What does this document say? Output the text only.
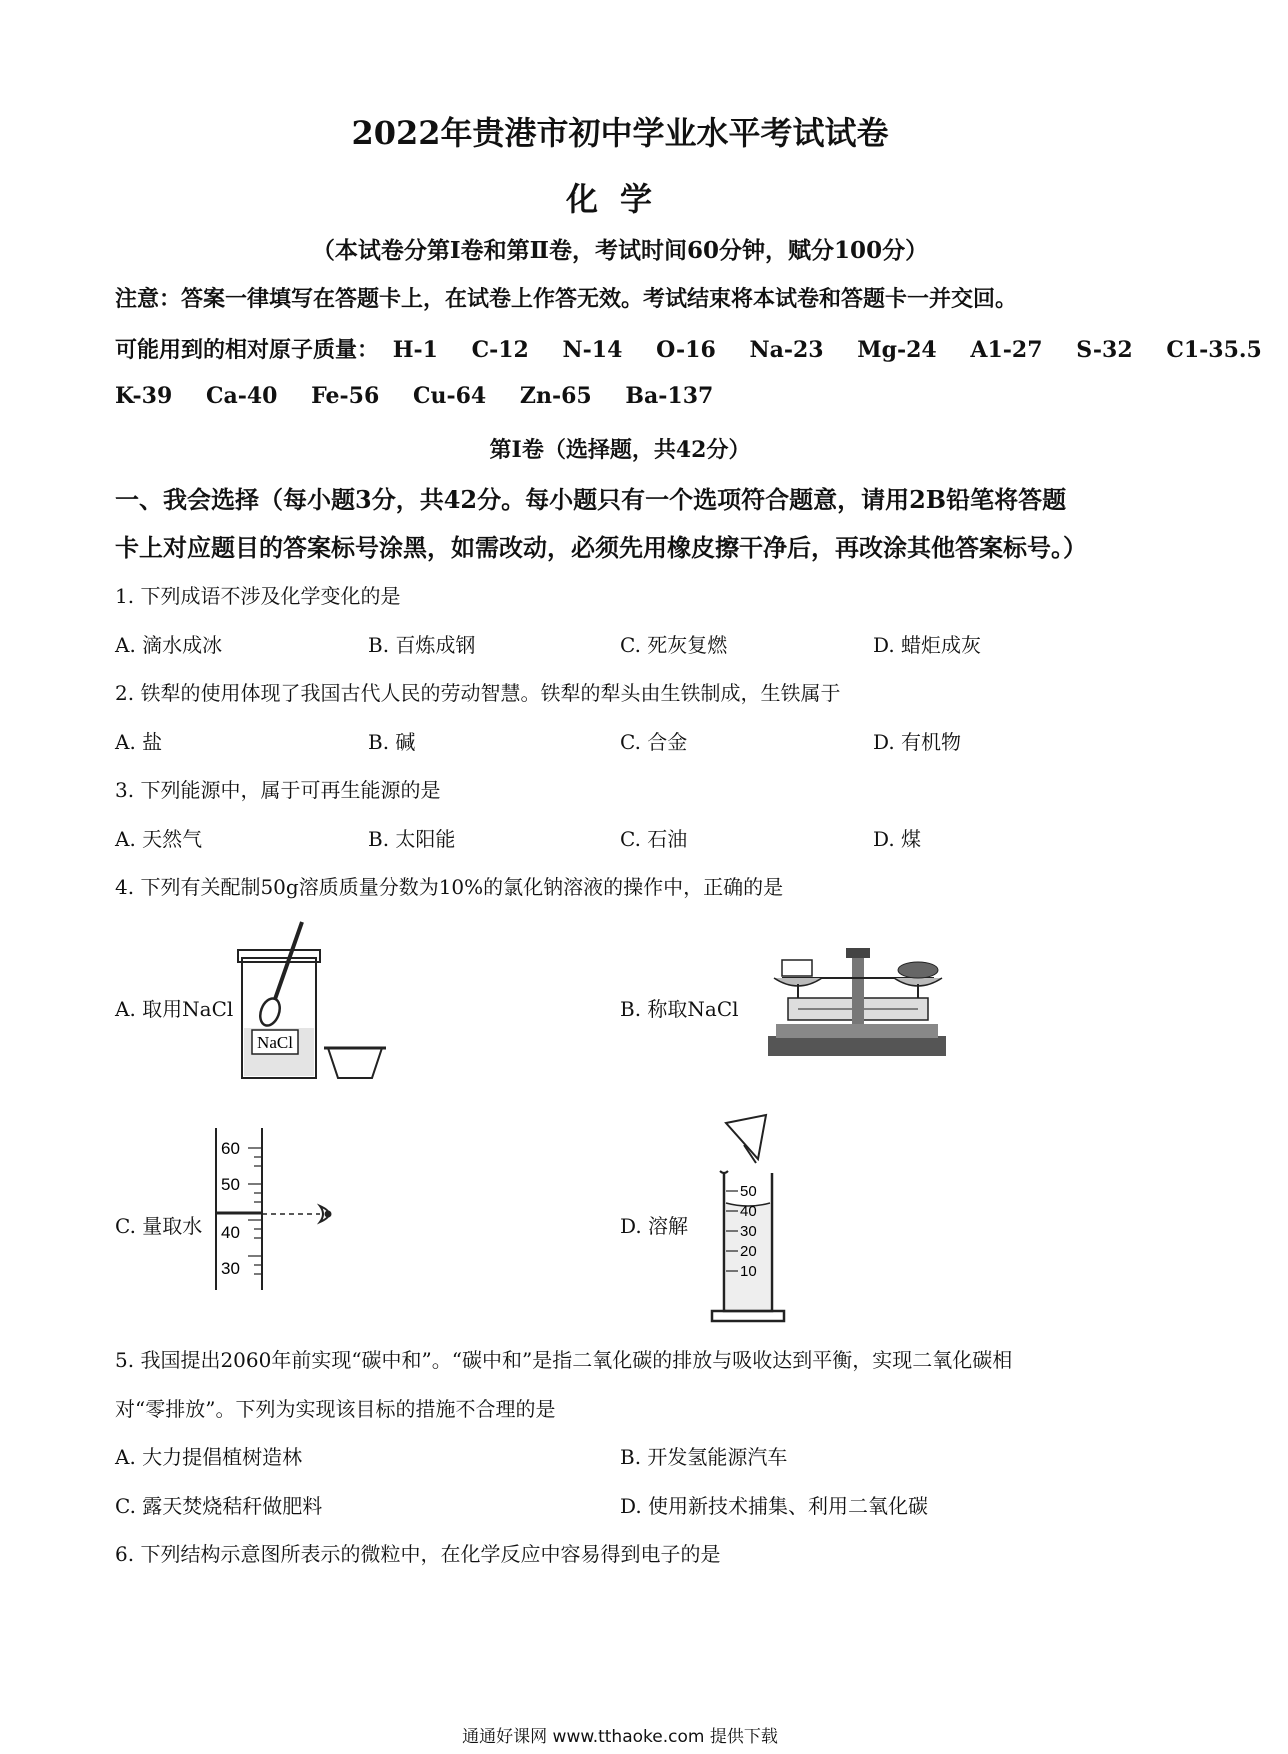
2022年贵港市初中学业水平考试试卷
化学
（本试卷分第Ⅰ卷和第Ⅱ卷，考试时间60分钟，赋分100分）
注意：答案一律填写在答题卡上，在试卷上作答无效。考试结束将本试卷和答题卡一并交回。
可能用到的相对原子质量： H-1 C-12 N-14 O-16 Na-23 Mg-24 A1-27 S-32 C1-35.5
K-39 Ca-40 Fe-56 Cu-64 Zn-65 Ba-137
第Ⅰ卷（选择题，共42分）
一、我会选择（每小题3分，共42分。每小题只有一个选项符合题意，请用2B铅笔将答题
卡上对应题目的答案标号涂黑，如需改动，必须先用橡皮擦干净后，再改涂其他答案标号。）
1. 下列成语不涉及化学变化的是
A. 滴水成冰	B. 百炼成钢	C. 死灰复燃	D. 蜡炬成灰
2. 铁犁的使用体现了我国古代人民的劳动智慧。铁犁的犁头由生铁制成，生铁属于
A. 盐	B. 碱	C. 合金	D. 有机物
3. 下列能源中，属于可再生能源的是
A. 天然气	B. 太阳能	C. 石油	D. 煤
4. 下列有关配制50g溶质质量分数为10%的氯化钠溶液的操作中，正确的是
A. 取用NaCl
NaCl
B. 称取NaCl
C. 量取水
60
50
40
30
D. 溶解
50
40
30
20
10
5. 我国提出2060年前实现“碳中和”。“碳中和”是指二氧化碳的排放与吸收达到平衡，实现二氧化碳相
对“零排放”。下列为实现该目标的措施不合理的是
A. 大力提倡植树造林	B. 开发氢能源汽车
C. 露天焚烧秸秆做肥料	D. 使用新技术捕集、利用二氧化碳
6. 下列结构示意图所表示的微粒中，在化学反应中容易得到电子的是
通通好课网 www.tthaoke.com 提供下载
